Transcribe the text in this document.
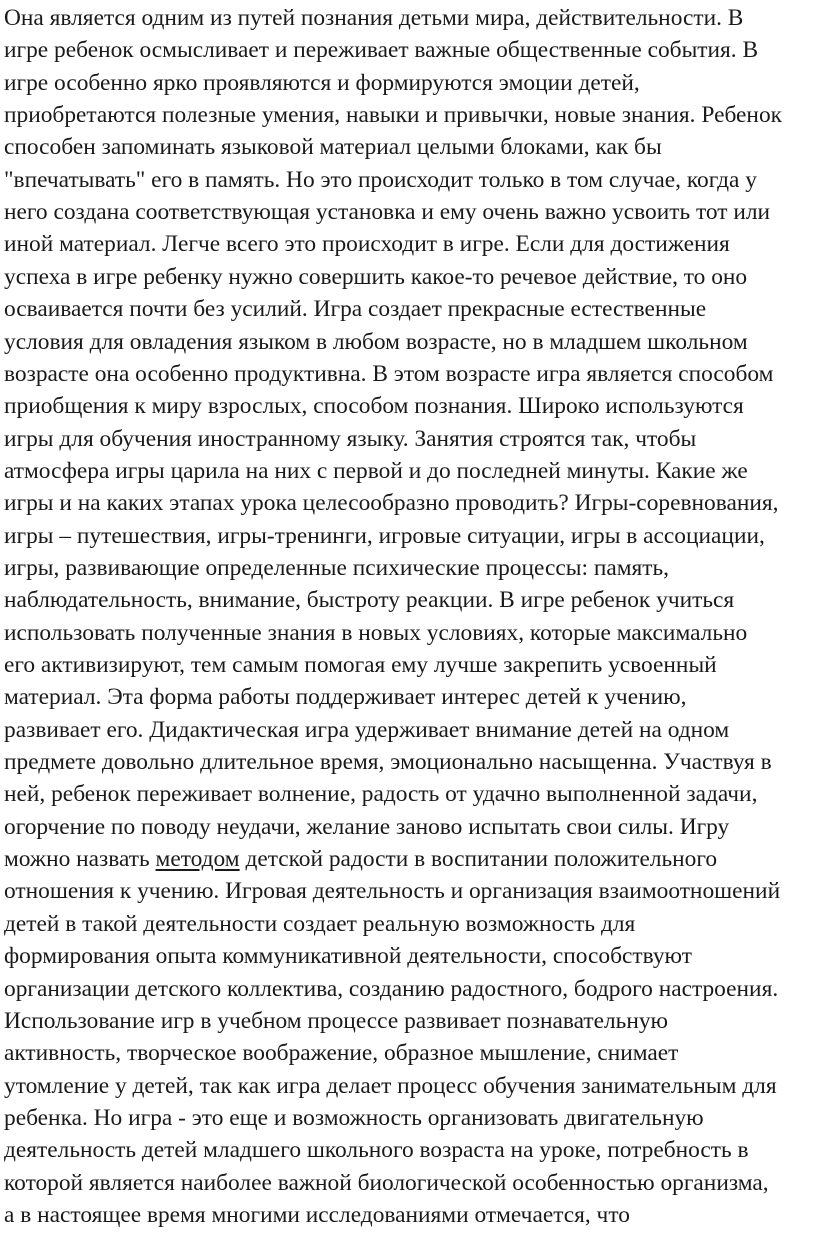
Она является одним из путей познания детьми мира, действительности. В
игре ребенок осмысливает и переживает важные общественные события. В
игре особенно ярко проявляются и формируются эмоции детей,
приобретаются полезные умения, навыки и привычки, новые знания. Ребенок
способен запоминать языковой материал целыми блоками, как бы
"впечатывать" его в память. Но это происходит только в том случае, когда у
него создана соответствующая установка и ему очень важно усвоить тот или
иной материал. Легче всего это происходит в игре. Если для достижения
успеха в игре ребенку нужно совершить какое-то речевое действие, то оно
осваивается почти без усилий. Игра создает прекрасные естественные
условия для овладения языком в любом возрасте, но в младшем школьном
возрасте она особенно продуктивна. В этом возрасте игра является способом
приобщения к миру взрослых, способом познания. Широко используются
игры для обучения иностранному языку. Занятия строятся так, чтобы
атмосфера игры царила на них с первой и до последней минуты. Какие же
игры и на каких этапах урока целесообразно проводить? Игры-соревнования,
игры – путешествия, игры-тренинги, игровые ситуации, игры в ассоциации,
игры, развивающие определенные психические процессы: память,
наблюдательность, внимание, быстроту реакции. В игре ребенок учиться
использовать полученные знания в новых условиях, которые максимально
его активизируют, тем самым помогая ему лучше закрепить усвоенный
материал. Эта форма работы поддерживает интерес детей к учению,
развивает его. Дидактическая игра удерживает внимание детей на одном
предмете довольно длительное время, эмоционально насыщенна. Участвуя в
ней, ребенок переживает волнение, радость от удачно выполненной задачи,
огорчение по поводу неудачи, желание заново испытать свои силы. Игру
можно назвать методом детской радости в воспитании положительного
отношения к учению. Игровая деятельность и организация взаимоотношений
детей в такой деятельности создает реальную возможность для
формирования опыта коммуникативной деятельности, способствуют
организации детского коллектива, созданию радостного, бодрого настроения.
Использование игр в учебном процессе развивает познавательную
активность, творческое воображение, образное мышление, снимает
утомление у детей, так как игра делает процесс обучения занимательным для
ребенка. Но игра - это еще и возможность организовать двигательную
деятельность детей младшего школьного возраста на уроке, потребность в
которой является наиболее важной биологической особенностью организма,
а в настоящее время многими исследованиями отмечается, что
